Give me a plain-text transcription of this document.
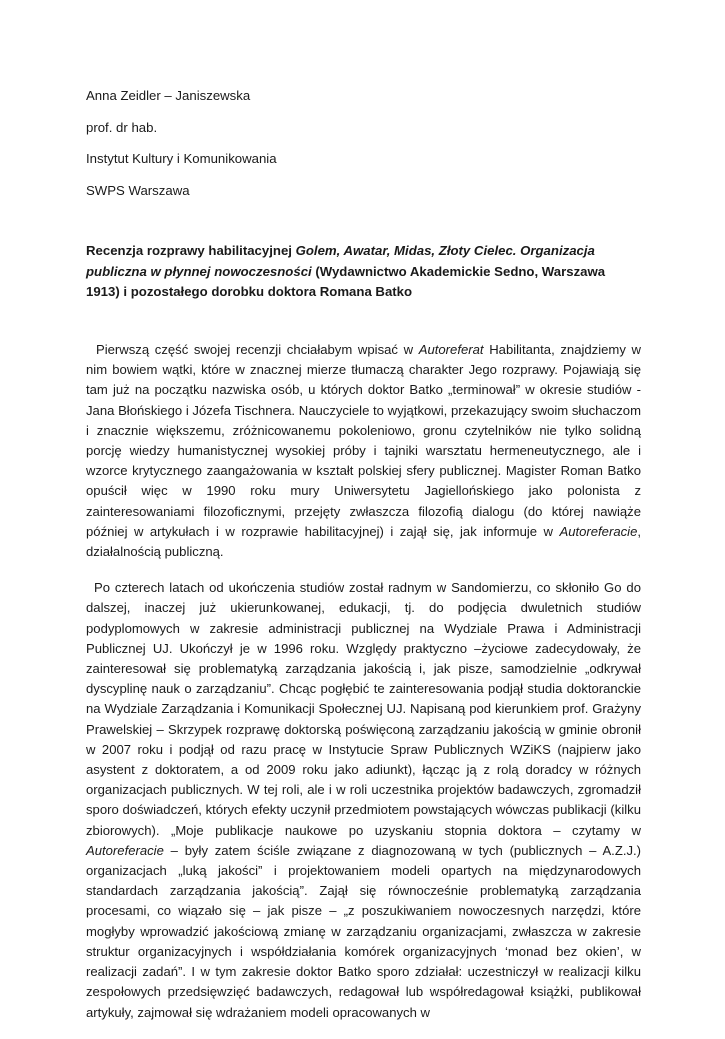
Anna Zeidler – Janiszewska
prof. dr hab.
Instytut Kultury i Komunikowania
SWPS Warszawa
Recenzja rozprawy habilitacyjnej Golem, Awatar, Midas, Złoty Cielec. Organizacja publiczna w płynnej nowoczesności (Wydawnictwo Akademickie Sedno, Warszawa 1913) i pozostałego dorobku doktora Romana Batko

Pierwszą część swojej recenzji chciałabym wpisać w Autoreferat Habilitanta, znajdziemy w nim bowiem wątki, które w znacznej mierze tłumaczą charakter Jego rozprawy. Pojawiają się tam już na początku nazwiska osób, u których doktor Batko „terminował” w okresie studiów - Jana Błońskiego i Józefa Tischnera. Nauczyciele to wyjątkowi, przekazujący swoim słuchaczom i znacznie większemu, zróżnicowanemu pokoleniowo, gronu czytelników nie tylko solidną porcję wiedzy humanistycznej wysokiej próby i tajniki warsztatu hermeneutycznego, ale i wzorce krytycznego zaangażowania w kształt polskiej sfery publicznej. Magister Roman Batko opuścił więc w 1990 roku mury Uniwersytetu Jagiellońskiego jako polonista z zainteresowaniami filozoficznymi, przejęty zwłaszcza filozofią dialogu (do której nawiąże później w artykułach i w rozprawie habilitacyjnej) i zajął się, jak informuje w Autoreferacie, działalnością publiczną.

Po czterech latach od ukończenia studiów został radnym w Sandomierzu, co skłoniło Go do dalszej, inaczej już ukierunkowanej, edukacji, tj. do podjęcia dwuletnich studiów podyplomowych w zakresie administracji publicznej na Wydziale Prawa i Administracji Publicznej UJ. Ukończył je w 1996 roku. Względy praktyczno –życiowe zadecydowały, że zainteresował się problematyką zarządzania jakością i, jak pisze, samodzielnie „odkrywał dyscyplinę nauk o zarządzaniu”. Chcąc pogłębić te zainteresowania podjął studia doktoranckie na Wydziale Zarządzania i Komunikacji Społecznej UJ. Napisaną pod kierunkiem prof. Grażyny Prawelskiej – Skrzypek rozprawę doktorską poświęconą zarządzaniu jakością w gminie obronił w 2007 roku i podjął od razu pracę w Instytucie Spraw Publicznych WZiKS (najpierw jako asystent z doktoratem, a od 2009 roku jako adiunkt), łącząc ją z rolą doradcy w różnych organizacjach publicznych. W tej roli, ale i w roli uczestnika projektów badawczych, zgromadził sporo doświadczeń, których efekty uczynił przedmiotem powstających wówczas publikacji (kilku zbiorowych). „Moje publikacje naukowe po uzyskaniu stopnia doktora – czytamy w Autoreferacie – były zatem ściśle związane z diagnozowaną w tych (publicznych – A.Z.J.) organizacjach „luką jakości” i projektowaniem modeli opartych na międzynarodowych standardach zarządzania jakością”. Zajął się równocześnie problematyką zarządzania procesami, co wiązało się – jak pisze – „z poszukiwaniem nowoczesnych narzędzi, które mogłyby wprowadzić jakościową zmianę w zarządzaniu organizacjami, zwłaszcza w zakresie struktur organizacyjnych i współdziałania komórek organizacyjnych ‘monad bez okien’, w realizacji zadań”. I w tym zakresie doktor Batko sporo zdziałał: uczestniczył w realizacji kilku zespołowych przedsięwzięć badawczych, redagował lub współredagował książki, publikował artykuły, zajmował się wdrażaniem modeli opracowanych w
